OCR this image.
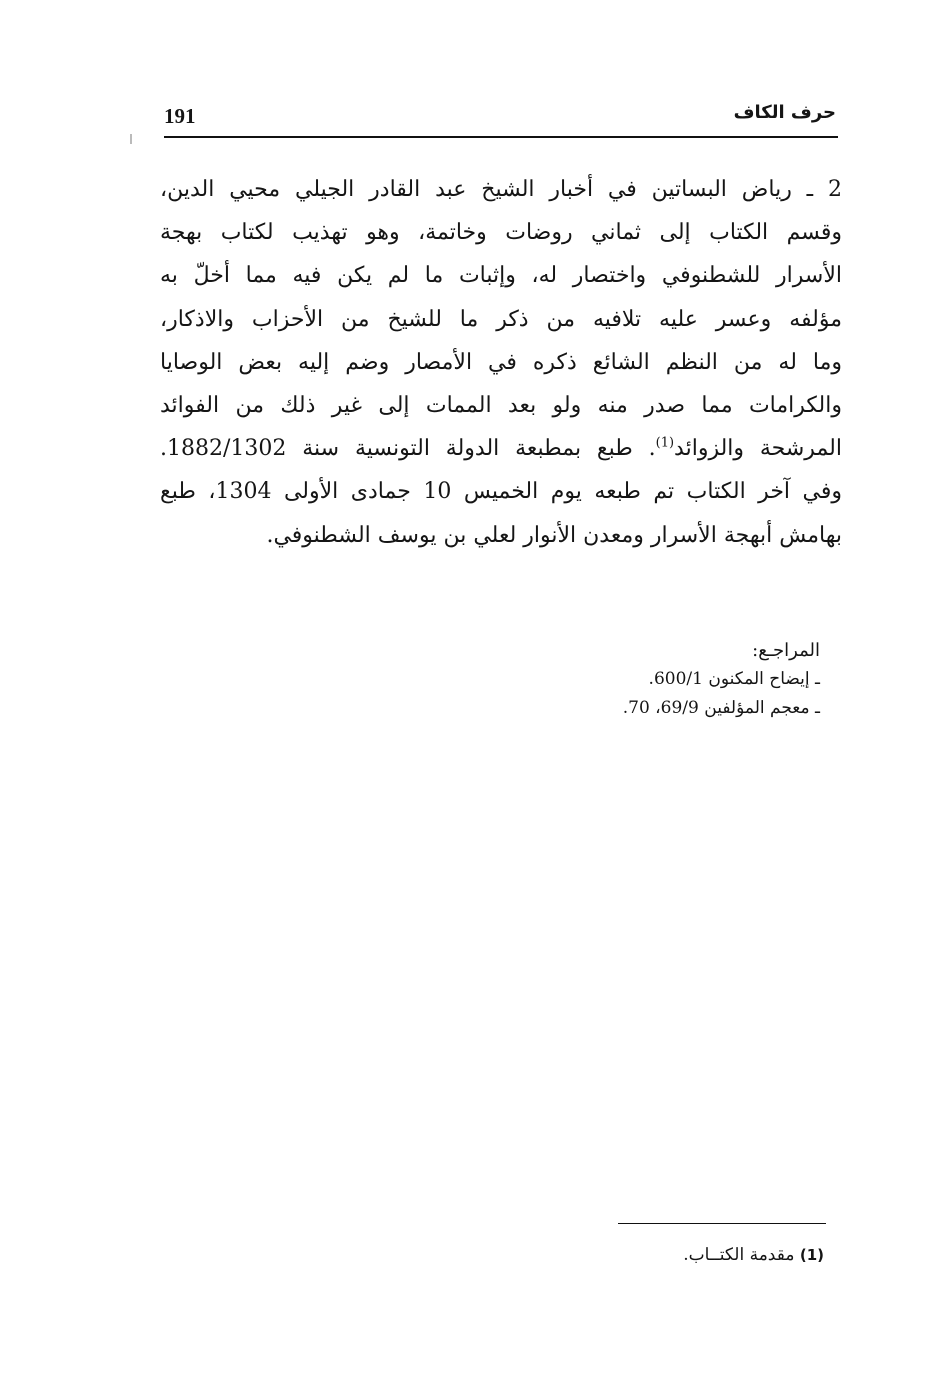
191	حرف الكاف

2 ـ رياض البساتين في أخبار الشيخ عبد القادر الجيلي محيي الدين،
وقسم الكتاب إلى ثماني روضات وخاتمة، وهو تهذيب لكتاب بهجة
الأسرار للشطنوفي واختصار له، وإثبات ما لم يكن فيه مما أخلّ به
مؤلفه وعسر عليه تلافيه من ذكر ما للشيخ من الأحزاب والاذكار،
وما له من النظم الشائع ذكره في الأمصار وضم إليه بعض الوصايا
والكرامات مما صدر منه ولو بعد الممات إلى غير ذلك من الفوائد
المرشحة والزوائد$^{(1)}$. طبع بمطبعة الدولة التونسية سنة 1882/1302.
وفي آخر الكتاب تم طبعه يوم الخميس 10 جمادى الأولى 1304، طبع
بهامش أبهجة الأسرار ومعدن الأنوار لعلي بن يوسف الشطنوفي.

المراجـع:
ـ إيضاح المكنون 600/1.
ـ معجم المؤلفين 69/9، 70.
(1) مقدمة الكتــاب.
